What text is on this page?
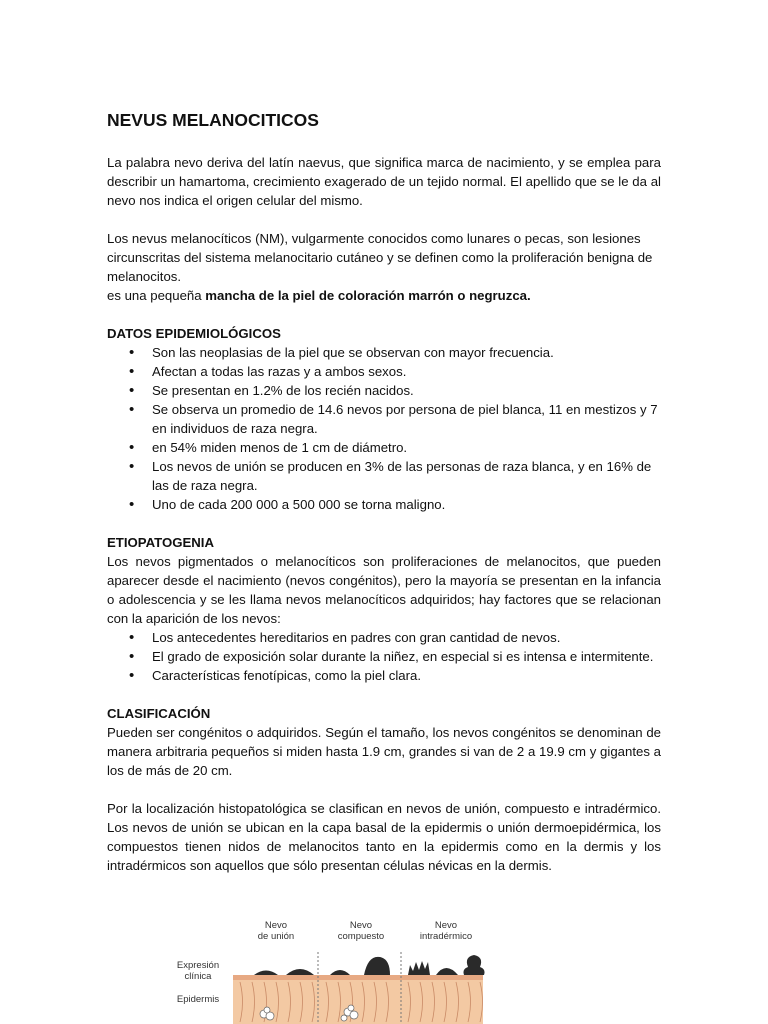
NEVUS MELANOCITICOS

La palabra nevo deriva del latín naevus, que significa marca de nacimiento, y se emplea para describir un hamartoma, crecimiento exagerado de un tejido normal. El apellido que se le da al nevo nos indica el origen celular del mismo.

Los nevus melanocíticos (NM), vulgarmente conocidos como lunares o pecas, son lesiones circunscritas del sistema melanocitario cutáneo y se definen como la proliferación benigna de melanocitos.

es una pequeña mancha de la piel de coloración marrón o negruzca.

DATOS EPIDEMIOLÓGICOS

• Son las neoplasias de la piel que se observan con mayor frecuencia.
• Afectan a todas las razas y a ambos sexos.
• Se presentan en 1.2% de los recién nacidos.
• Se observa un promedio de 14.6 nevos por persona de piel blanca, 11 en mestizos y 7 en individuos de raza negra.
• en 54% miden menos de 1 cm de diámetro.
• Los nevos de unión se producen en 3% de las personas de raza blanca, y en 16% de las de raza negra.
• Uno de cada 200 000 a 500 000 se torna maligno.

ETIOPATOGENIA

Los nevos pigmentados o melanocíticos son proliferaciones de melanocitos, que pueden aparecer desde el nacimiento (nevos congénitos), pero la mayoría se presentan en la infancia o adolescencia y se les llama nevos melanocíticos adquiridos; hay factores que se relacionan con la aparición de los nevos:

• Los antecedentes hereditarios en padres con gran cantidad de nevos.
• El grado de exposición solar durante la niñez, en especial si es intensa e intermitente.
• Características fenotípicas, como la piel clara.

CLASIFICACIÓN

Pueden ser congénitos o adquiridos. Según el tamaño, los nevos congénitos se denominan de manera arbitraria pequeños si miden hasta 1.9 cm, grandes si van de 2 a 19.9 cm y gigantes a los de más de 20 cm.

Por la localización histopatológica se clasifican en nevos de unión, compuesto e intradérmico. Los nevos de unión se ubican en la capa basal de la epidermis o unión dermoepidérmica, los compuestos tienen nidos de melanocitos tanto en la epidermis como en la dermis y los intradérmicos son aquellos que sólo presentan células névicas en la dermis.

Nevo
de unión
Nevo
compuesto
Nevo
intradérmico
Expresión
clínica
Epidermis
